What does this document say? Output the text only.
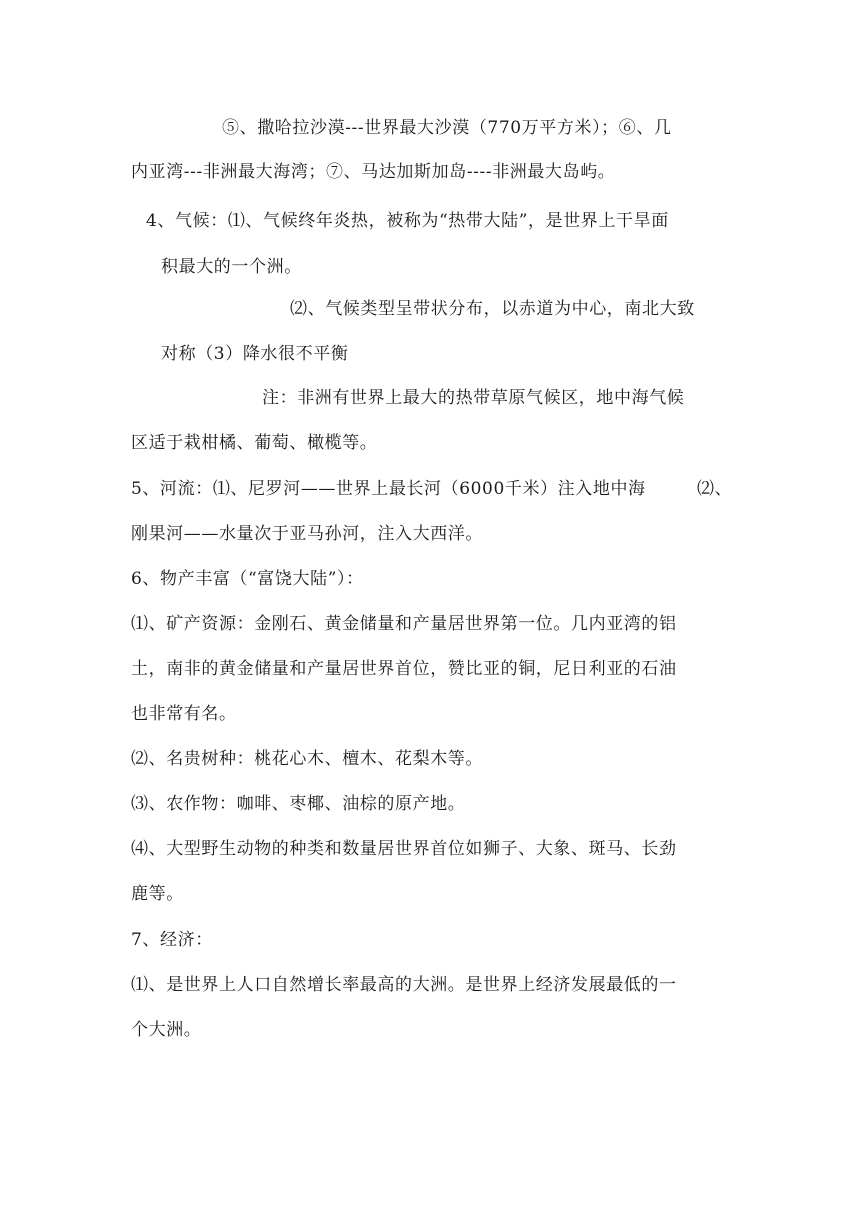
⑤、撒哈拉沙漠---世界最大沙漠（770万平方米）；⑥、几
内亚湾---非洲最大海湾；⑦、马达加斯加岛----非洲最大岛屿。
4、气候：⑴、气候终年炎热，被称为“热带大陆”，是世界上干旱面
积最大的一个洲。
⑵、气候类型呈带状分布，以赤道为中心，南北大致
对称（3）降水很不平衡
注：非洲有世界上最大的热带草原气候区，地中海气候
区适于栽柑橘、葡萄、橄榄等。
5、河流：⑴、尼罗河——世界上最长河（6000千米）注入地中海	⑵、
刚果河——水量次于亚马孙河，注入大西洋。
6、物产丰富（“富饶大陆”）：
⑴、矿产资源：金刚石、黄金储量和产量居世界第一位。几内亚湾的铝
土，南非的黄金储量和产量居世界首位，赞比亚的铜，尼日利亚的石油
也非常有名。
⑵、名贵树种：桃花心木、檀木、花梨木等。
⑶、农作物：咖啡、枣椰、油棕的原产地。
⑷、大型野生动物的种类和数量居世界首位如狮子、大象、斑马、长劲
鹿等。
7、经济：
⑴、是世界上人口自然增长率最高的大洲。是世界上经济发展最低的一
个大洲。
